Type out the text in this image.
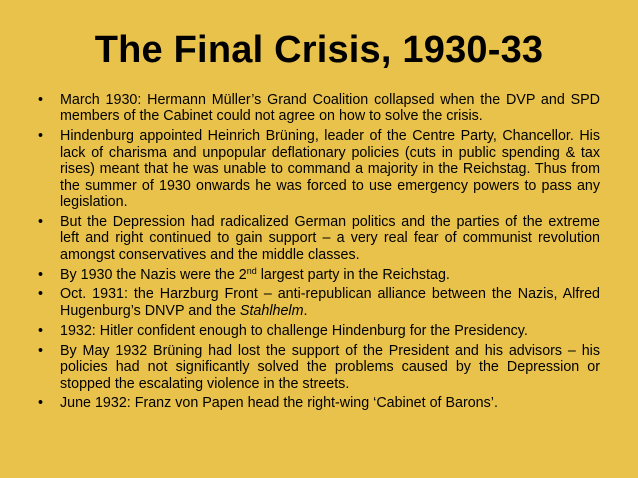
The Final Crisis, 1930-33
• March 1930: Hermann Müller’s Grand Coalition collapsed when the DVP and SPD members of the Cabinet could not agree on how to solve the crisis.
• Hindenburg appointed Heinrich Brüning, leader of the Centre Party, Chancellor. His lack of charisma and unpopular deflationary policies (cuts in public spending & tax rises) meant that he was unable to command a majority in the Reichstag. Thus from the summer of 1930 onwards he was forced to use emergency powers to pass any legislation.
• But the Depression had radicalized German politics and the parties of the extreme left and right continued to gain support – a very real fear of communist revolution amongst conservatives and the middle classes.
• By 1930 the Nazis were the 2nd largest party in the Reichstag.
• Oct. 1931: the Harzburg Front – anti-republican alliance between the Nazis, Alfred Hugenburg’s DNVP and the Stahlhelm.
• 1932: Hitler confident enough to challenge Hindenburg for the Presidency.
• By May 1932 Brüning had lost the support of the President and his advisors – his policies had not significantly solved the problems caused by the Depression or stopped the escalating violence in the streets.
• June 1932: Franz von Papen head the right-wing ‘Cabinet of Barons’.
